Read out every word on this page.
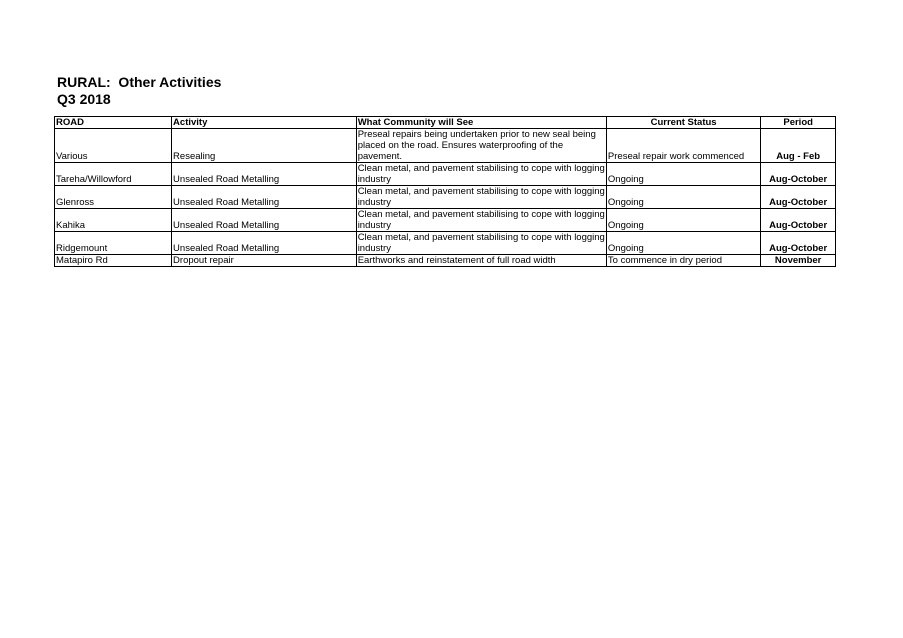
RURAL:  Other Activities
Q3 2018
ROAD	Activity	What Community will See	Current Status	Period
Various	Resealing	Preseal repairs being undertaken prior to new seal being placed on the road. Ensures waterproofing of the pavement.	Preseal repair work commenced	Aug - Feb
Tareha/Willowford	Unsealed Road Metalling	Clean metal, and pavement stabilising to cope with logging industry	Ongoing	Aug-October
Glenross	Unsealed Road Metalling	Clean metal, and pavement stabilising to cope with logging industry	Ongoing	Aug-October
Kahika	Unsealed Road Metalling	Clean metal, and pavement stabilising to cope with logging industry	Ongoing	Aug-October
Ridgemount	Unsealed Road Metalling	Clean metal, and pavement stabilising to cope with logging industry	Ongoing	Aug-October
Matapiro Rd	Dropout repair	Earthworks and reinstatement of full road width	To commence in dry period	November
